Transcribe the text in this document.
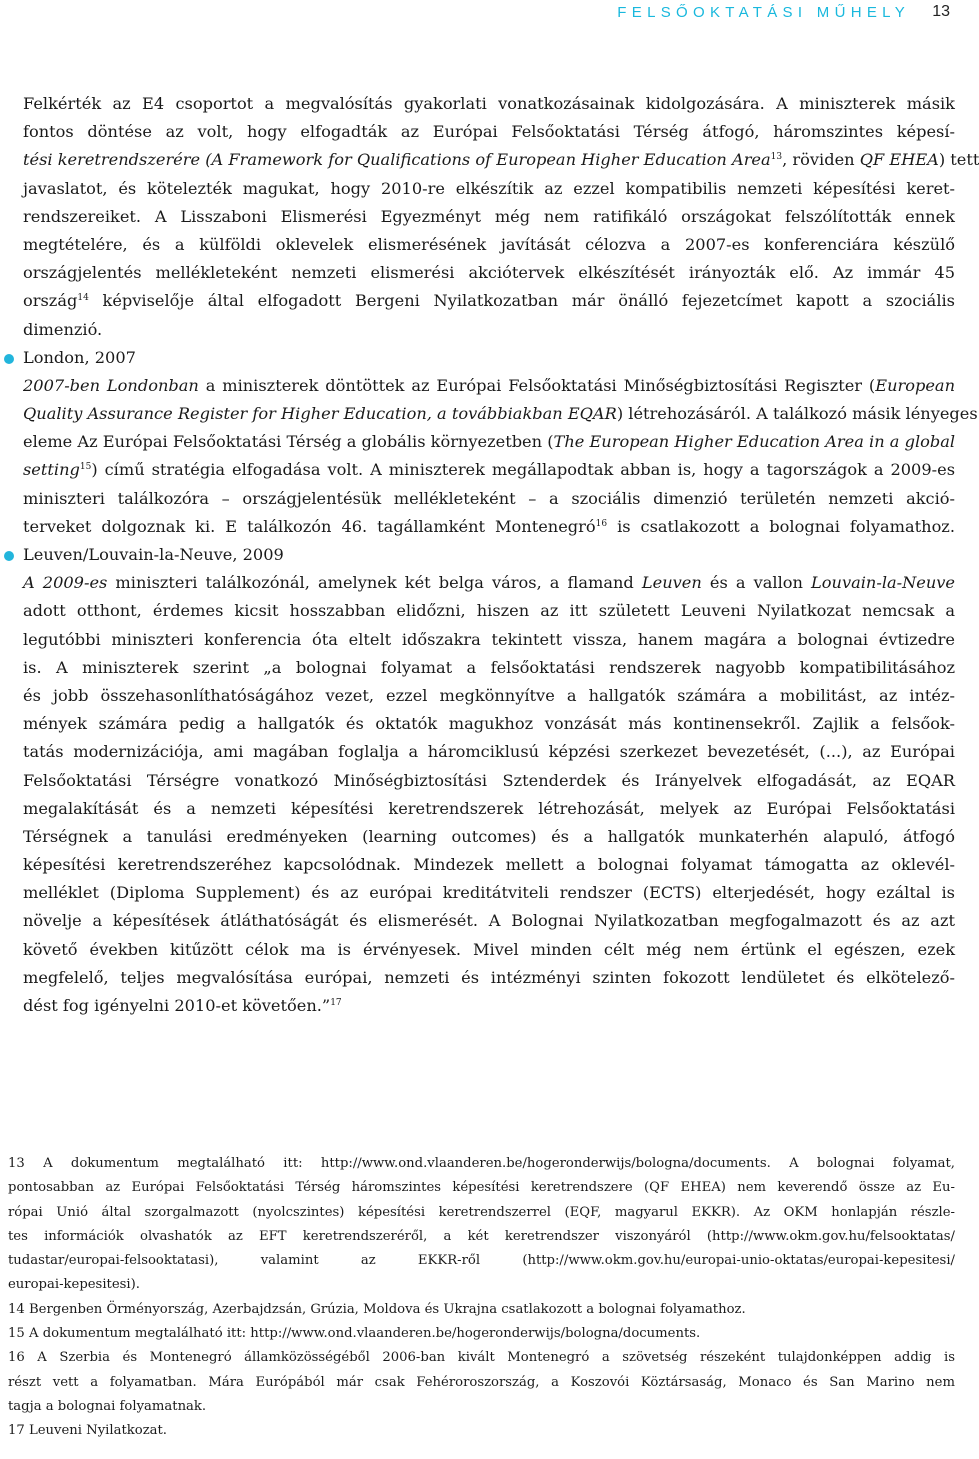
FELSŐOKTATÁSI MŰHELY 13
Felkérték az E4 csoportot a megvalósítás gyakorlati vonatkozásainak kidolgozására. A miniszterek másik
fontos döntése az volt, hogy elfogadták az Európai Felsőoktatási Térség átfogó, háromszintes képesí-
tési keretrendszerére (A Framework for Qualifications of European Higher Education Area$^{13}$, röviden QF EHEA) tett
javaslatot, és kötelezték magukat, hogy 2010-re elkészítik az ezzel kompatibilis nemzeti képesítési keret-
rendszereiket. A Lisszaboni Elismerési Egyezményt még nem ratifikáló országokat felszólították ennek
megtételére, és a külföldi oklevelek elismerésének javítását célozva a 2007-es konferenciára készülő
országjelentés mellékleteként nemzeti elismerési akciótervek elkészítését irányozták elő. Az immár 45
ország$^{14}$ képviselője által elfogadott Bergeni Nyilatkozatban már önálló fejezetcímet kapott a szociális
dimenzió.
London, 2007
2007-ben Londonban a miniszterek döntöttek az Európai Felsőoktatási Minőségbiztosítási Regiszter (European
Quality Assurance Register for Higher Education, a továbbiakban EQAR) létrehozásáról. A találkozó másik lényeges
eleme Az Európai Felsőoktatási Térség a globális környezetben (The European Higher Education Area in a global
setting$^{15}$) című stratégia elfogadása volt. A miniszterek megállapodtak abban is, hogy a tagországok a 2009-es
miniszteri találkozóra – országjelentésük mellékleteként – a szociális dimenzió területén nemzeti akció-
terveket dolgoznak ki. E találkozón 46. tagállamként Montenegró$^{16}$ is csatlakozott a bolognai folyamathoz.
Leuven/Louvain-la-Neuve, 2009
A 2009-es miniszteri találkozónál, amelynek két belga város, a flamand Leuven és a vallon Louvain-la-Neuve
adott otthont, érdemes kicsit hosszabban elidőzni, hiszen az itt született Leuveni Nyilatkozat nemcsak a
legutóbbi miniszteri konferencia óta eltelt időszakra tekintett vissza, hanem magára a bolognai évtizedre
is. A miniszterek szerint „a bolognai folyamat a felsőoktatási rendszerek nagyobb kompatibilitásához
és jobb összehasonlíthatóságához vezet, ezzel megkönnyítve a hallgatók számára a mobilitást, az intéz-
mények számára pedig a hallgatók és oktatók magukhoz vonzását más kontinensekről. Zajlik a felsőok-
tatás modernizációja, ami magában foglalja a háromciklusú képzési szerkezet bevezetését, (...), az Európai
Felsőoktatási Térségre vonatkozó Minőségbiztosítási Sztenderdek és Irányelvek elfogadását, az EQAR
megalakítását és a nemzeti képesítési keretrendszerek létrehozását, melyek az Európai Felsőoktatási
Térségnek a tanulási eredményeken (learning outcomes) és a hallgatók munkaterhén alapuló, átfogó
képesítési keretrendszeréhez kapcsolódnak. Mindezek mellett a bolognai folyamat támogatta az oklevél-
melléklet (Diploma Supplement) és az európai kreditátviteli rendszer (ECTS) elterjedését, hogy ezáltal is
növelje a képesítések átláthatóságát és elismerését. A Bolognai Nyilatkozatban megfogalmazott és az azt
követő években kitűzött célok ma is érvényesek. Mivel minden célt még nem értünk el egészen, ezek
megfelelő, teljes megvalósítása európai, nemzeti és intézményi szinten fokozott lendületet és elkötelező-
dést fog igényelni 2010-et követően.”$^{17}$
13 A dokumentum megtalálható itt: http://www.ond.vlaanderen.be/hogeronderwijs/bologna/documents. A bolognai folyamat,
pontosabban az Európai Felsőoktatási Térség háromszintes képesítési keretrendszere (QF EHEA) nem keverendő össze az Eu-
rópai Unió által szorgalmazott (nyolcszintes) képesítési keretrendszerrel (EQF, magyarul EKKR). Az OKM honlapján részle-
tes információk olvashatók az EFT keretrendszeréről, a két keretrendszer viszonyáról (http://www.okm.gov.hu/felsooktatas/
tudastar/europai-felsooktatasi), valamint az EKKR-ről (http://www.okm.gov.hu/europai-unio-oktatas/europai-kepesitesi/
europai-kepesitesi).
14 Bergenben Örményország, Azerbajdzsán, Grúzia, Moldova és Ukrajna csatlakozott a bolognai folyamathoz.
15 A dokumentum megtalálható itt: http://www.ond.vlaanderen.be/hogeronderwijs/bologna/documents.
16 A Szerbia és Montenegró államközösségéből 2006-ban kivált Montenegró a szövetség részeként tulajdonképpen addig is
részt vett a folyamatban. Mára Európából már csak Fehéroroszország, a Koszovói Köztársaság, Monaco és San Marino nem
tagja a bolognai folyamatnak.
17 Leuveni Nyilatkozat.
